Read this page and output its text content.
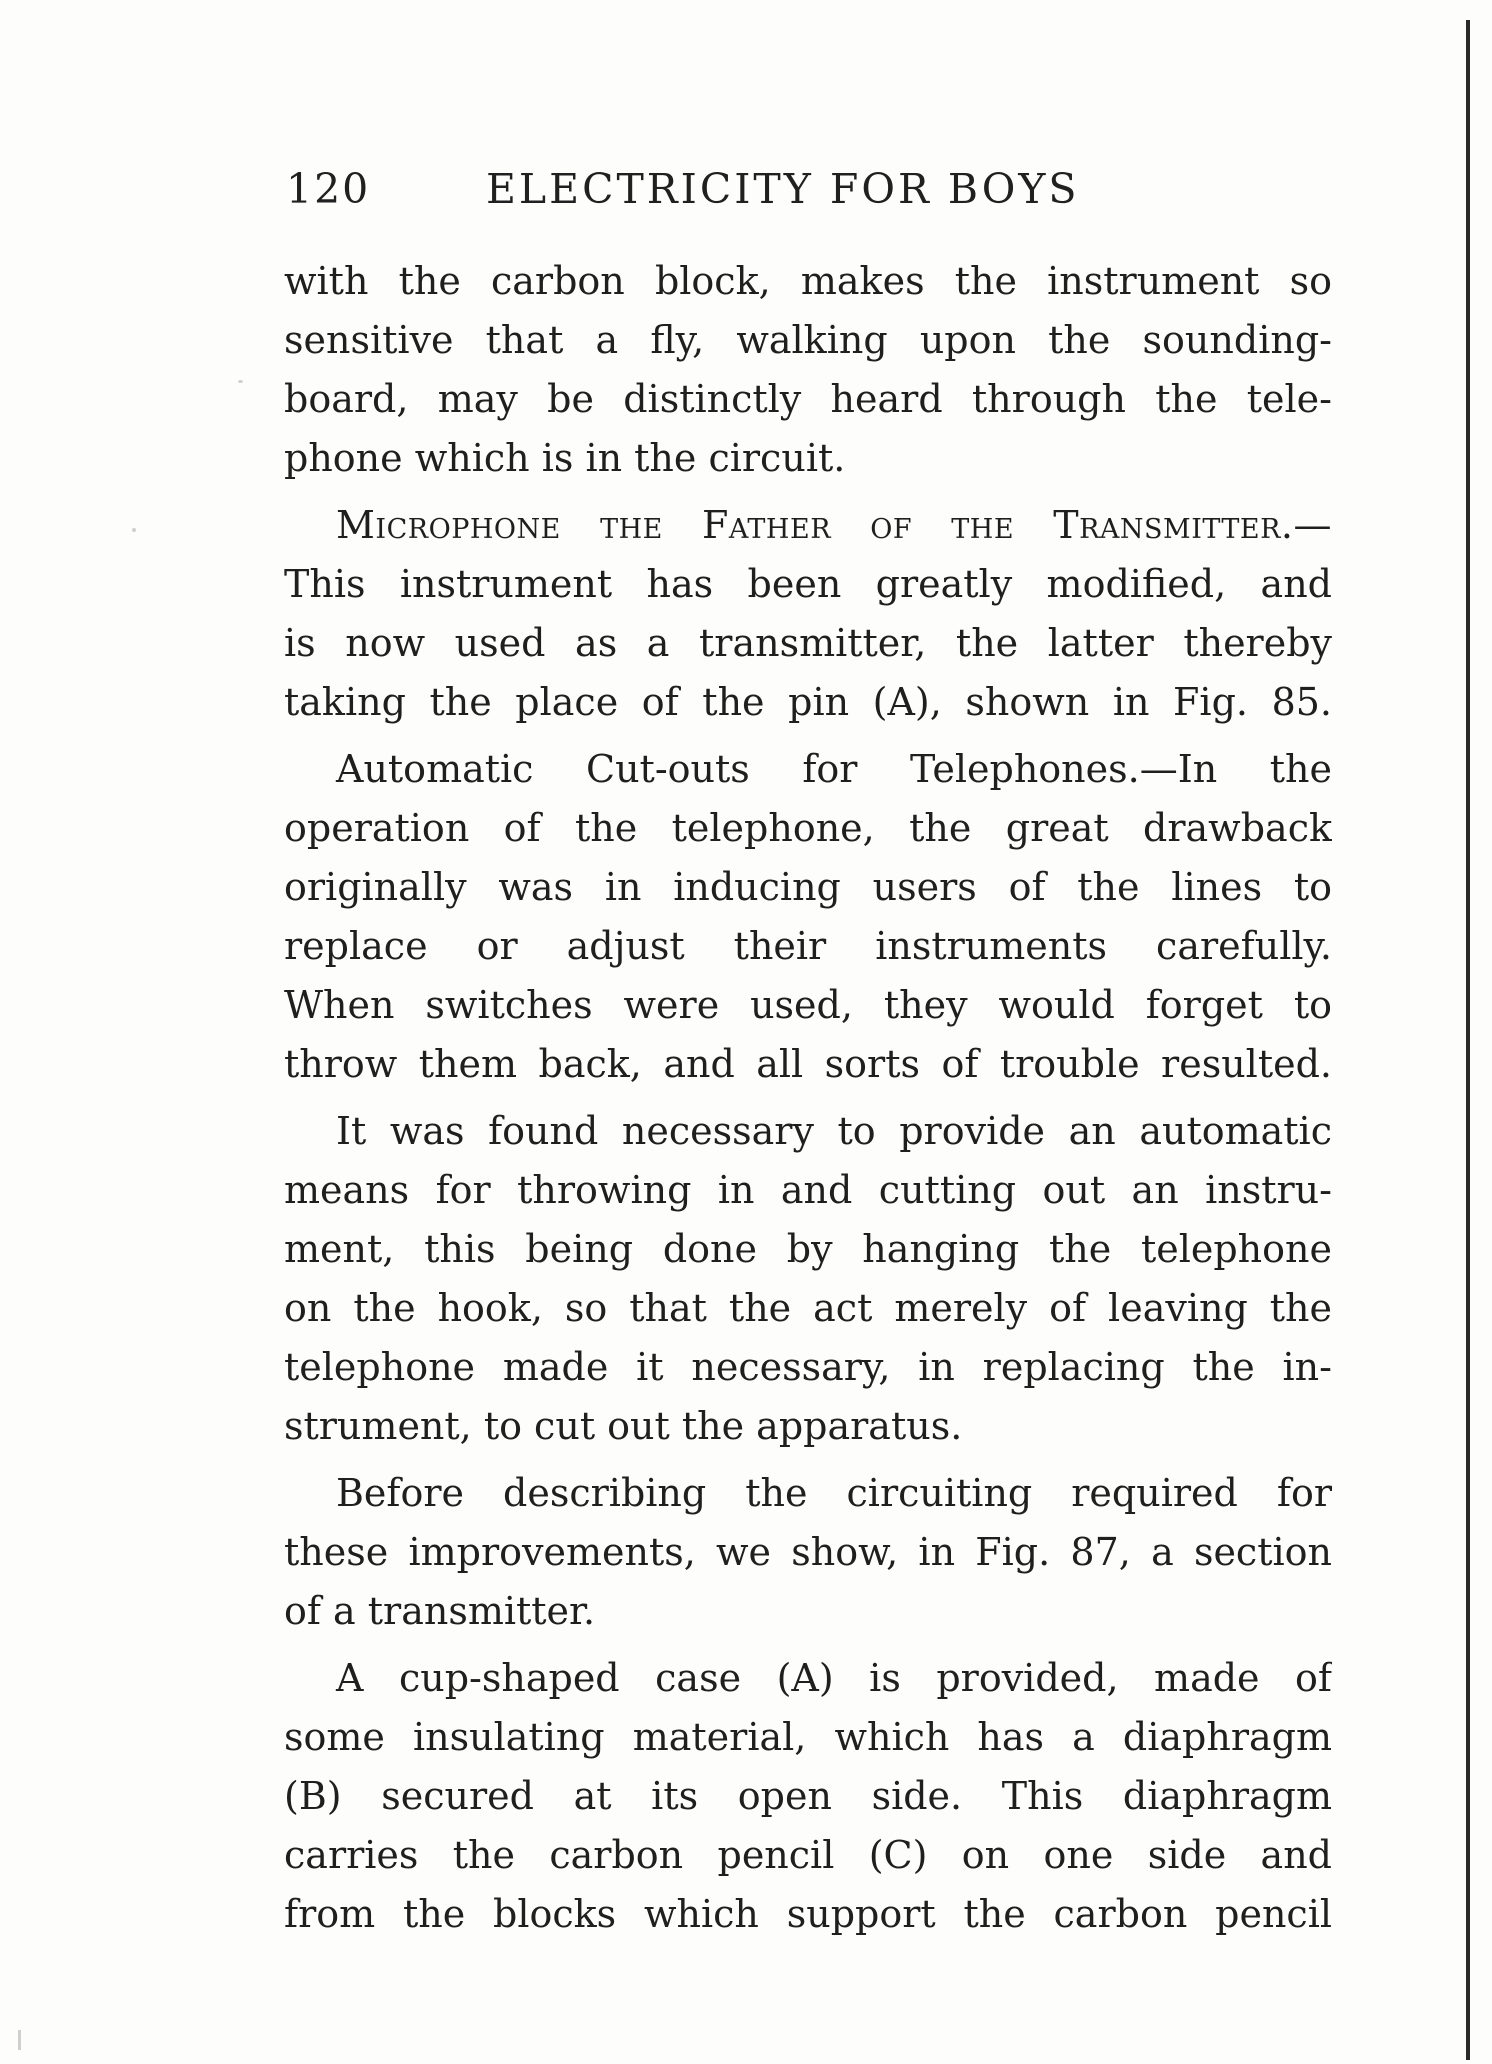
120	ELECTRICITY FOR BOYS
with the carbon block, makes the instrument so
sensitive that a fly, walking upon the sounding-
board, may be distinctly heard through the tele-
phone which is in the circuit.
Microphone the Father of the Transmitter.—
This instrument has been greatly modified, and
is now used as a transmitter, the latter thereby
taking the place of the pin (A), shown in Fig. 85.
Automatic Cut-outs for Telephones.—In the
operation of the telephone, the great drawback
originally was in inducing users of the lines to
replace or adjust their instruments carefully.
When switches were used, they would forget to
throw them back, and all sorts of trouble resulted.
It was found necessary to provide an automatic
means for throwing in and cutting out an instru-
ment, this being done by hanging the telephone
on the hook, so that the act merely of leaving the
telephone made it necessary, in replacing the in-
strument, to cut out the apparatus.
Before describing the circuiting required for
these improvements, we show, in Fig. 87, a section
of a transmitter.
A cup-shaped case (A) is provided, made of
some insulating material, which has a diaphragm
(B) secured at its open side. This diaphragm
carries the carbon pencil (C) on one side and
from the blocks which support the carbon pencil
